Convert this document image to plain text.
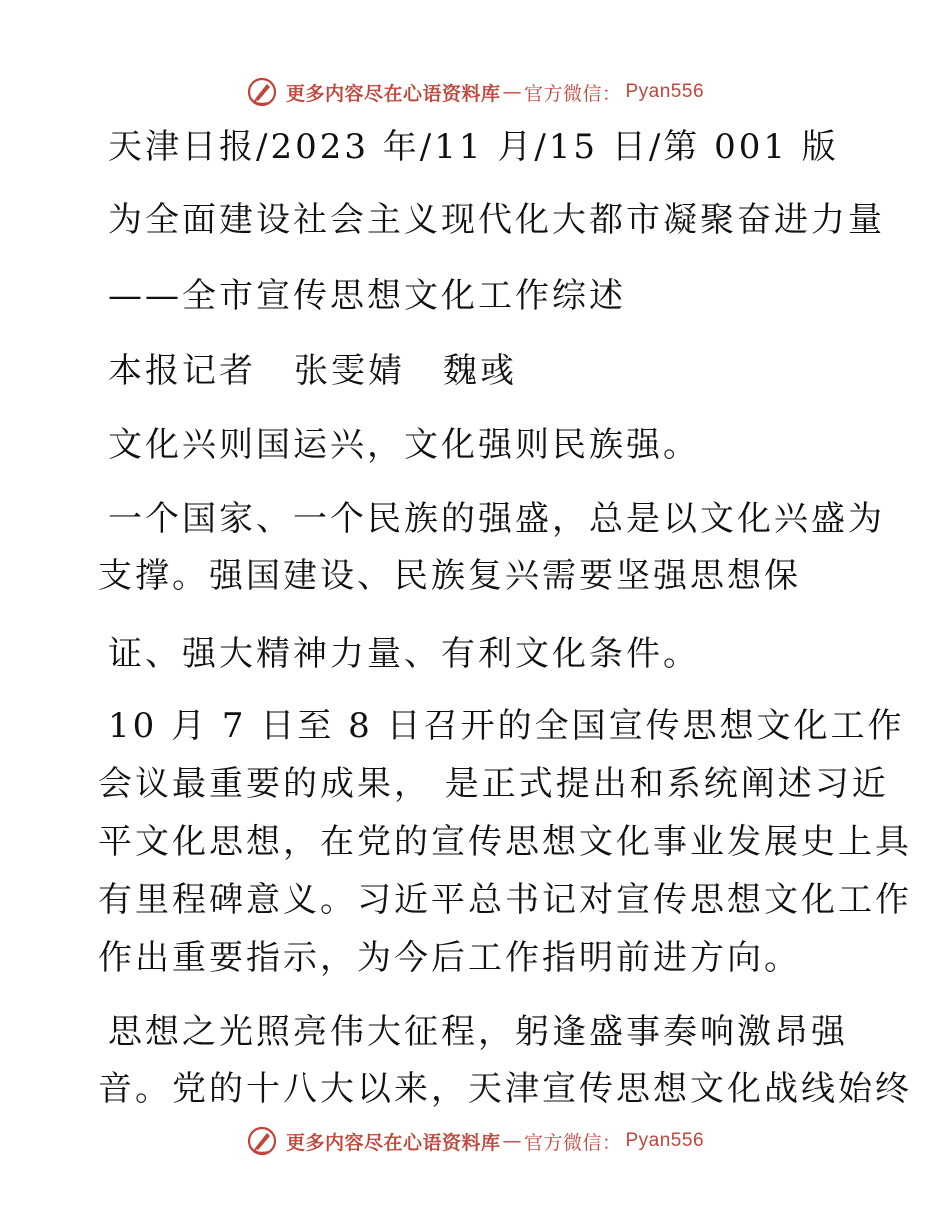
更多内容尽在心语资料库 — 官方微信： Pyan556
天津日报/2023 年/11 月/15 日/第 001 版
为全面建设社会主义现代化大都市凝聚奋进力量
——全市宣传思想文化工作综述
本报记者 张雯婧 魏彧
文化兴则国运兴，文化强则民族强。
一个国家、一个民族的强盛，总是以文化兴盛为
支撑。强国建设、民族复兴需要坚强思想保
证、强大精神力量、有利文化条件。
10 月 7 日至 8 日召开的全国宣传思想文化工作
会议最重要的成果， 是正式提出和系统阐述习近
平文化思想，在党的宣传思想文化事业发展史上具
有里程碑意义。习近平总书记对宣传思想文化工作
作出重要指示，为今后工作指明前进方向。
思想之光照亮伟大征程，躬逢盛事奏响激昂强
音。党的十八大以来，天津宣传思想文化战线始终
更多内容尽在心语资料库 — 官方微信： Pyan556
